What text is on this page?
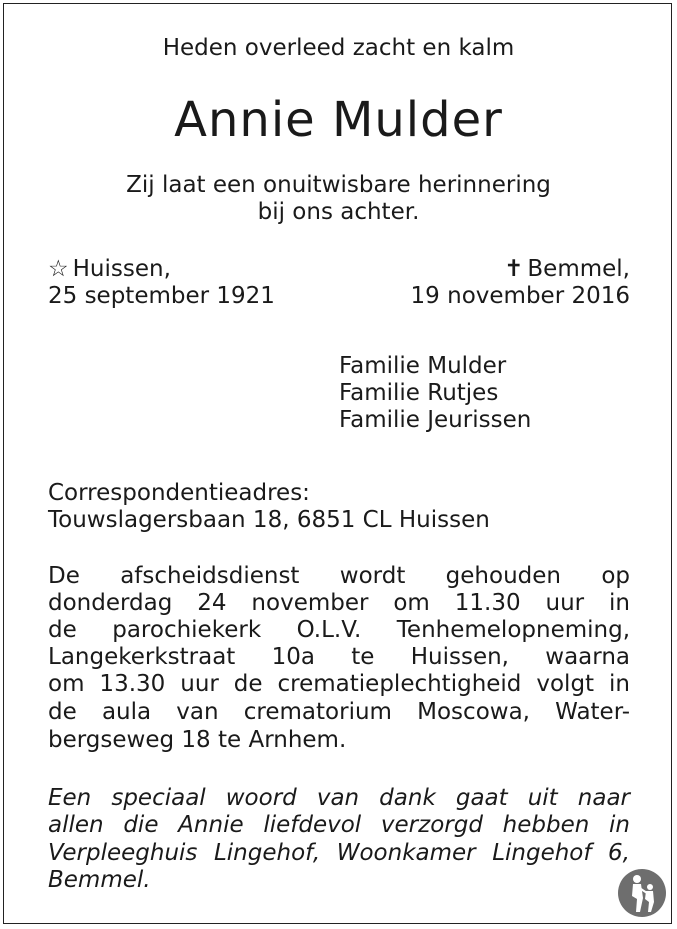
Heden overleed zacht en kalm
Annie Mulder
Zij laat een onuitwisbare herinnering
bij ons achter.
☆ Huissen,
25 september 1921
✝ Bemmel,
19 november 2016
Familie Mulder
Familie Rutjes
Familie Jeurissen
Correspondentieadres:
Touwslagersbaan 18, 6851 CL Huissen
De afscheidsdienst wordt gehouden op
donderdag 24 november om 11.30 uur in
de parochiekerk O.L.V. Tenhemelopneming,
Langekerkstraat 10a te Huissen, waarna
om 13.30 uur de crematieplechtigheid volgt in
de aula van crematorium Moscowa, Water-
bergseweg 18 te Arnhem.
Een speciaal woord van dank gaat uit naar
allen die Annie liefdevol verzorgd hebben in
Verpleeghuis Lingehof, Woonkamer Lingehof 6,
Bemmel.
